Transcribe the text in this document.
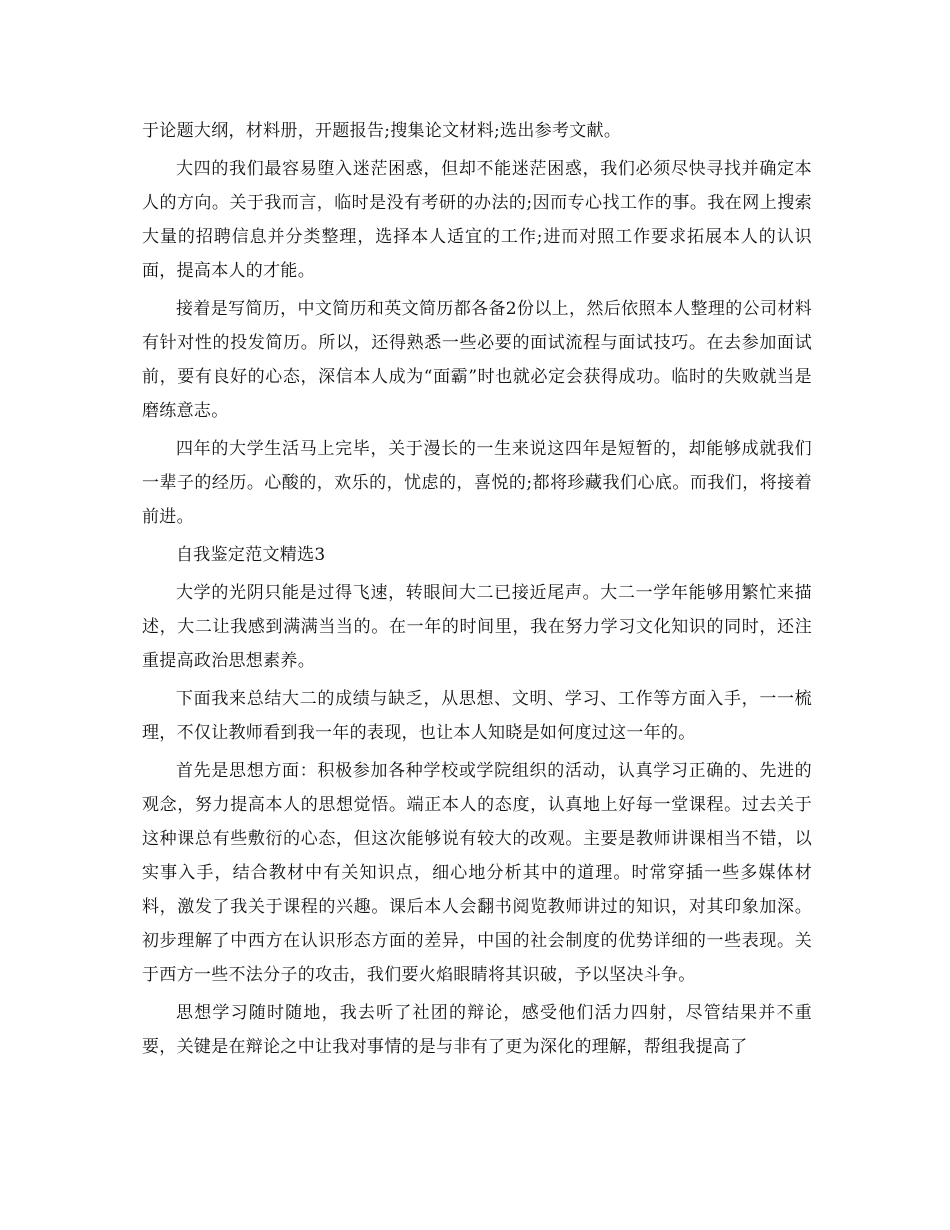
于论题大纲，材料册，开题报告;搜集论文材料;选出参考文献。

大四的我们最容易堕入迷茫困惑，但却不能迷茫困惑，我们必须尽快寻找并确定本人的方向。关于我而言，临时是没有考研的办法的;因而专心找工作的事。我在网上搜索大量的招聘信息并分类整理，选择本人适宜的工作;进而对照工作要求拓展本人的认识面，提高本人的才能。

接着是写简历，中文简历和英文简历都各备2份以上，然后依照本人整理的公司材料有针对性的投发简历。所以，还得熟悉一些必要的面试流程与面试技巧。在去参加面试前，要有良好的心态，深信本人成为“面霸”时也就必定会获得成功。临时的失败就当是磨练意志。

四年的大学生活马上完毕，关于漫长的一生来说这四年是短暂的，却能够成就我们一辈子的经历。心酸的，欢乐的，忧虑的，喜悦的;都将珍藏我们心底。而我们，将接着前进。

自我鉴定范文精选3

大学的光阴只能是过得飞速，转眼间大二已接近尾声。大二一学年能够用繁忙来描述，大二让我感到满满当当的。在一年的时间里，我在努力学习文化知识的同时，还注重提高政治思想素养。

下面我来总结大二的成绩与缺乏，从思想、文明、学习、工作等方面入手，一一梳理，不仅让教师看到我一年的表现，也让本人知晓是如何度过这一年的。

首先是思想方面：积极参加各种学校或学院组织的活动，认真学习正确的、先进的观念，努力提高本人的思想觉悟。端正本人的态度，认真地上好每一堂课程。过去关于这种课总有些敷衍的心态，但这次能够说有较大的改观。主要是教师讲课相当不错，以实事入手，结合教材中有关知识点，细心地分析其中的道理。时常穿插一些多媒体材料，激发了我关于课程的兴趣。课后本人会翻书阅览教师讲过的知识，对其印象加深。初步理解了中西方在认识形态方面的差异，中国的社会制度的优势详细的一些表现。关于西方一些不法分子的攻击，我们要火焰眼睛将其识破，予以坚决斗争。

思想学习随时随地，我去听了社团的辩论，感受他们活力四射，尽管结果并不重要，关键是在辩论之中让我对事情的是与非有了更为深化的理解，帮组我提高了
